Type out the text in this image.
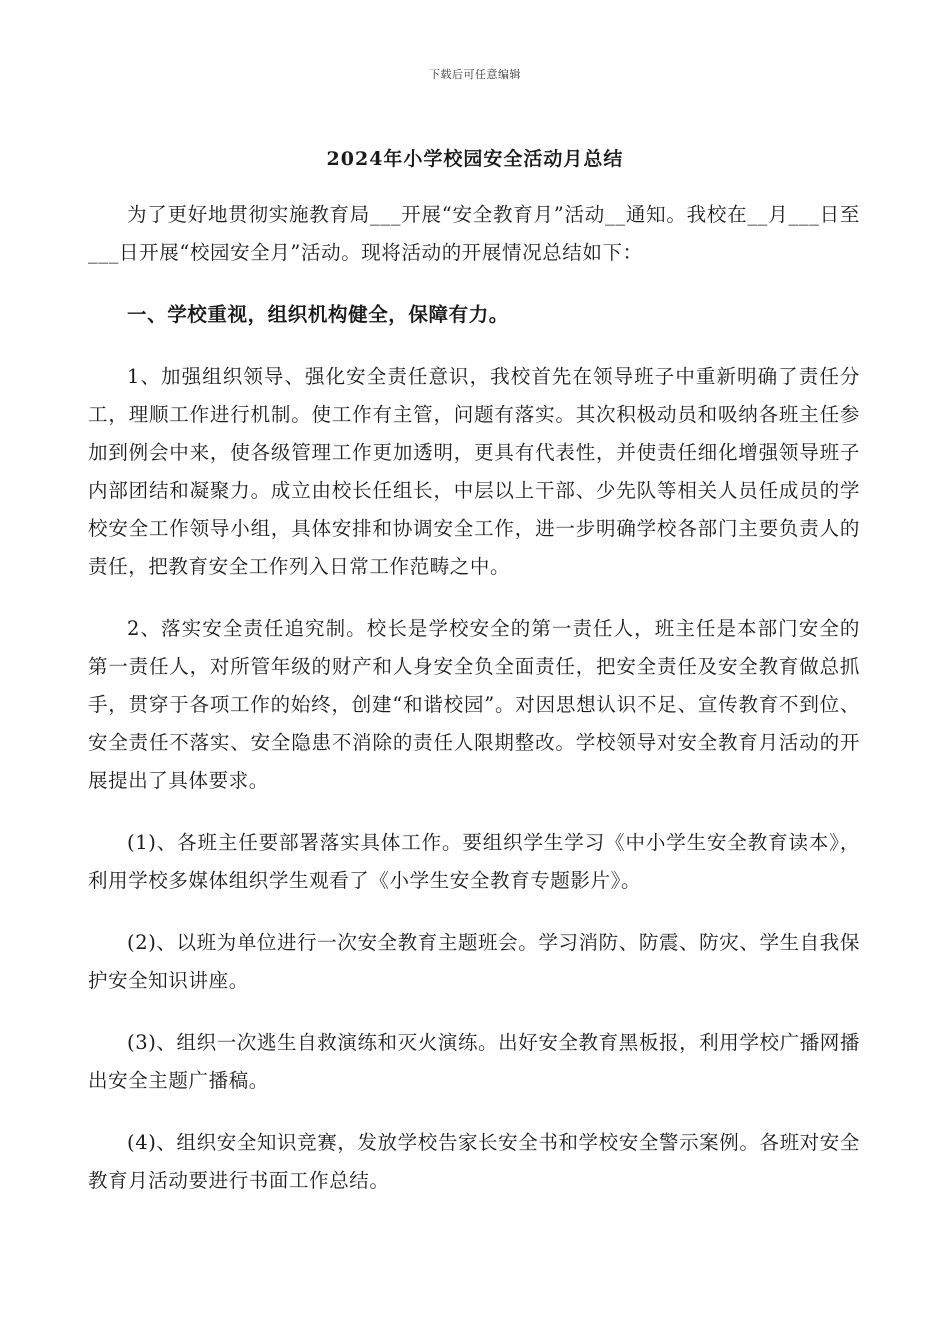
下载后可任意编辑
2024年小学校园安全活动月总结

为了更好地贯彻实施教育局___开展“安全教育月”活动__通知。我校在__月___日至___日开展“校园安全月”活动。现将活动的开展情况总结如下：

一、学校重视，组织机构健全，保障有力。

1、加强组织领导、强化安全责任意识，我校首先在领导班子中重新明确了责任分工，理顺工作进行机制。使工作有主管，问题有落实。其次积极动员和吸纳各班主任参加到例会中来，使各级管理工作更加透明，更具有代表性，并使责任细化增强领导班子内部团结和凝聚力。成立由校长任组长，中层以上干部、少先队等相关人员任成员的学校安全工作领导小组，具体安排和协调安全工作，进一步明确学校各部门主要负责人的责任，把教育安全工作列入日常工作范畴之中。

2、落实安全责任追究制。校长是学校安全的第一责任人，班主任是本部门安全的第一责任人，对所管年级的财产和人身安全负全面责任，把安全责任及安全教育做总抓手，贯穿于各项工作的始终，创建“和谐校园”。对因思想认识不足、宣传教育不到位、安全责任不落实、安全隐患不消除的责任人限期整改。学校领导对安全教育月活动的开展提出了具体要求。

(1)、各班主任要部署落实具体工作。要组织学生学习《中小学生安全教育读本》，利用学校多媒体组织学生观看了《小学生安全教育专题影片》。

(2)、以班为单位进行一次安全教育主题班会。学习消防、防震、防灾、学生自我保护安全知识讲座。

(3)、组织一次逃生自救演练和灭火演练。出好安全教育黑板报，利用学校广播网播出安全主题广播稿。

(4)、组织安全知识竞赛，发放学校告家长安全书和学校安全警示案例。各班对安全教育月活动要进行书面工作总结。
